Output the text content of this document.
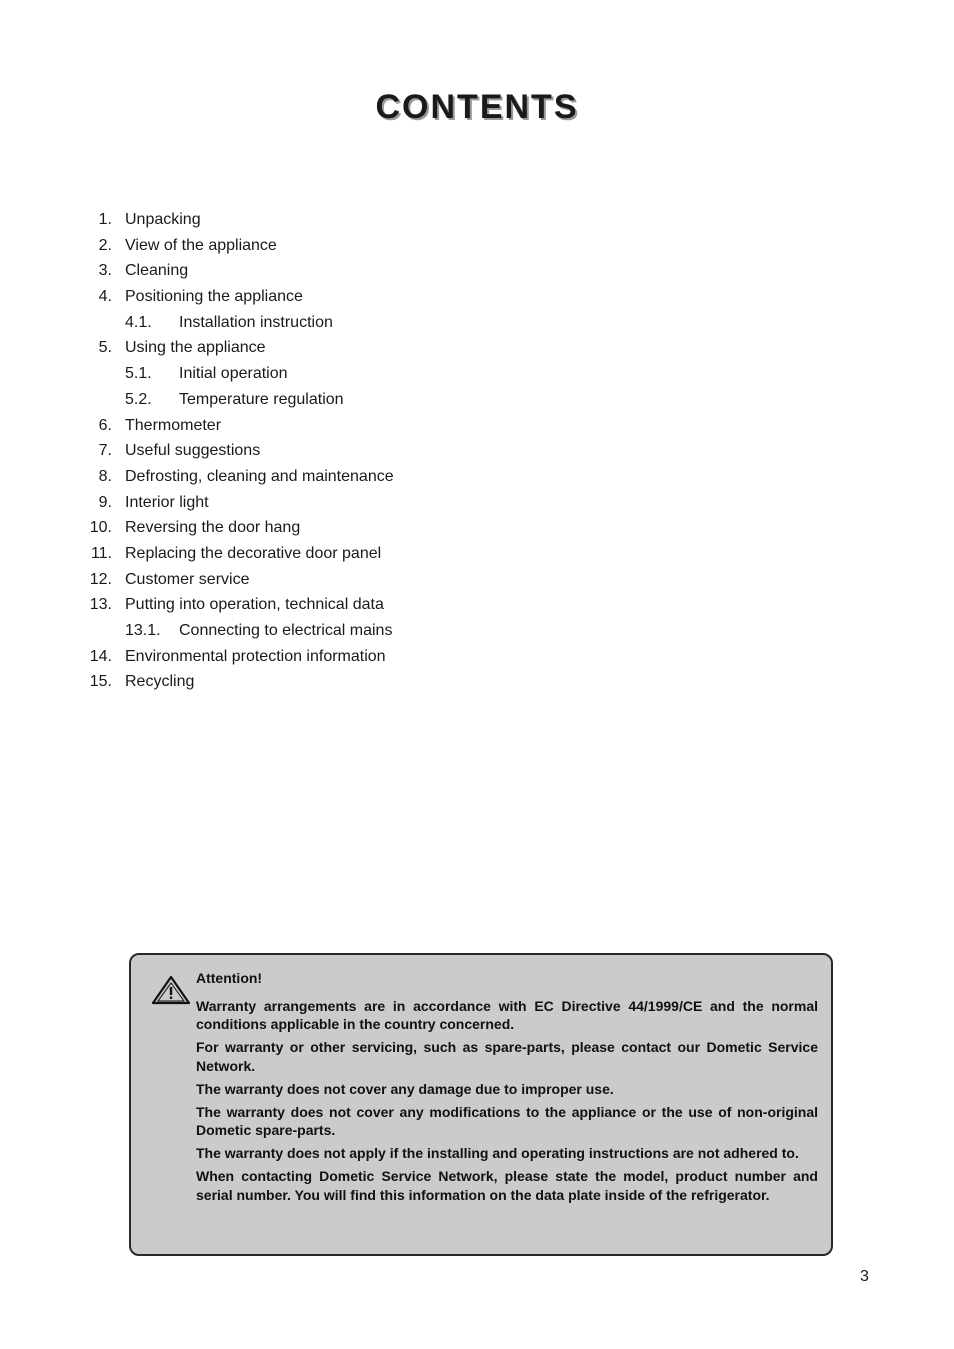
CONTENTS
1. Unpacking
2. View of the appliance
3. Cleaning
4. Positioning the appliance
4.1. Installation instruction
5. Using the appliance
5.1. Initial operation
5.2. Temperature regulation
6. Thermometer
7. Useful suggestions
8. Defrosting, cleaning and maintenance
9. Interior light
10. Reversing the door hang
11. Replacing the decorative door panel
12. Customer service
13. Putting into operation, technical data
13.1. Connecting to electrical mains
14. Environmental protection information
15. Recycling

Attention!

Warranty arrangements are in accordance with EC Directive 44/1999/CE and the normal conditions applicable in the country concerned.

For warranty or other servicing, such as spare-parts, please contact our Dometic Service Network.

The warranty does not cover any damage due to improper use.

The warranty does not cover any modifications to the appliance or the use of non-original Dometic spare-parts.

The warranty does not apply if the installing and operating instructions are not adhered to.

When contacting Dometic Service Network, please state the model, product number and serial number. You will find this information on the data plate inside of the refrigerator.

3
